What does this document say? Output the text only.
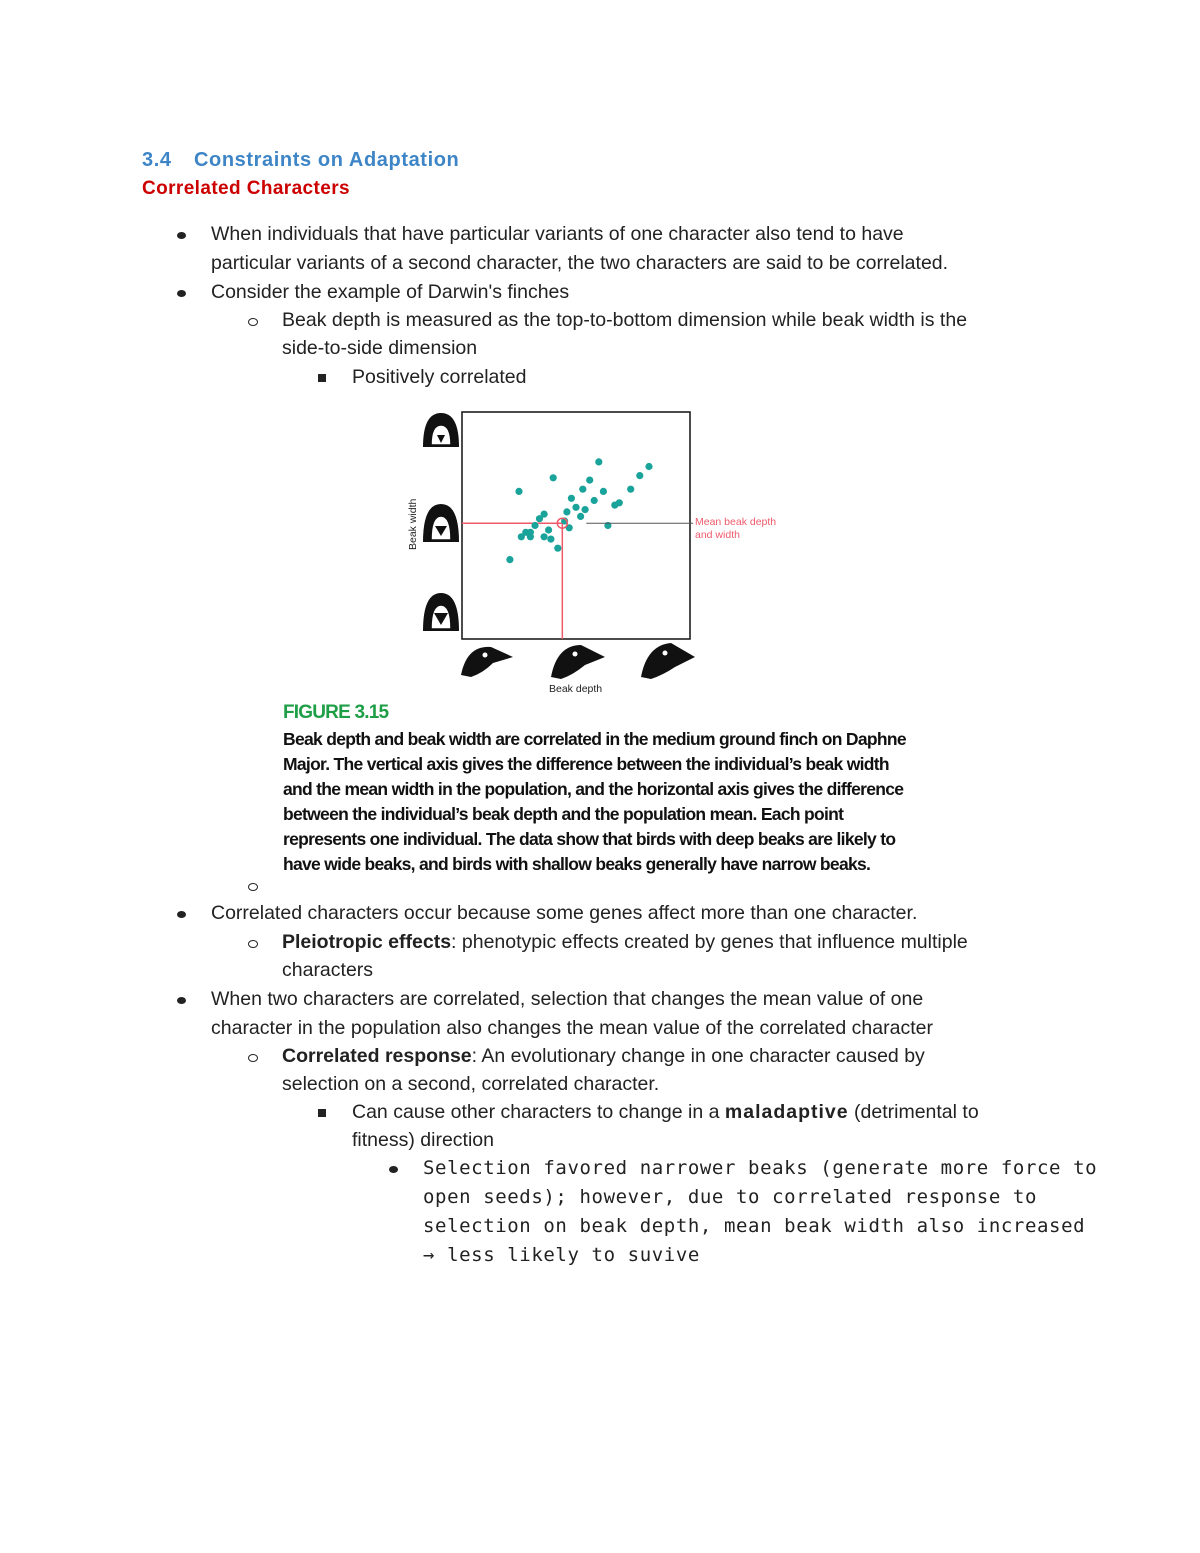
3.4 Constraints on Adaptation
Correlated Characters
When individuals that have particular variants of one character also tend to have
particular variants of a second character, the two characters are said to be correlated.
Consider the example of Darwin's finches
Beak depth is measured as the top-to-bottom dimension while beak width is the
side-to-side dimension
Positively correlated
Mean beak depth
and width
Beak depth
Beak width
FIGURE 3.15
Beak depth and beak width are correlated in the medium ground finch on Daphne
Major. The vertical axis gives the difference between the individual’s beak width
and the mean width in the population, and the horizontal axis gives the difference
between the individual’s beak depth and the population mean. Each point
represents one individual. The data show that birds with deep beaks are likely to
have wide beaks, and birds with shallow beaks generally have narrow beaks.
Correlated characters occur because some genes affect more than one character.
Pleiotropic effects: phenotypic effects created by genes that influence multiple
characters
When two characters are correlated, selection that changes the mean value of one
character in the population also changes the mean value of the correlated character
Correlated response: An evolutionary change in one character caused by
selection on a second, correlated character.
Can cause other characters to change in a maladaptive (detrimental to
fitness) direction
Selection favored narrower beaks (generate more force to
open seeds); however, due to correlated response to
selection on beak depth, mean beak width also increased
→ less likely to suvive
